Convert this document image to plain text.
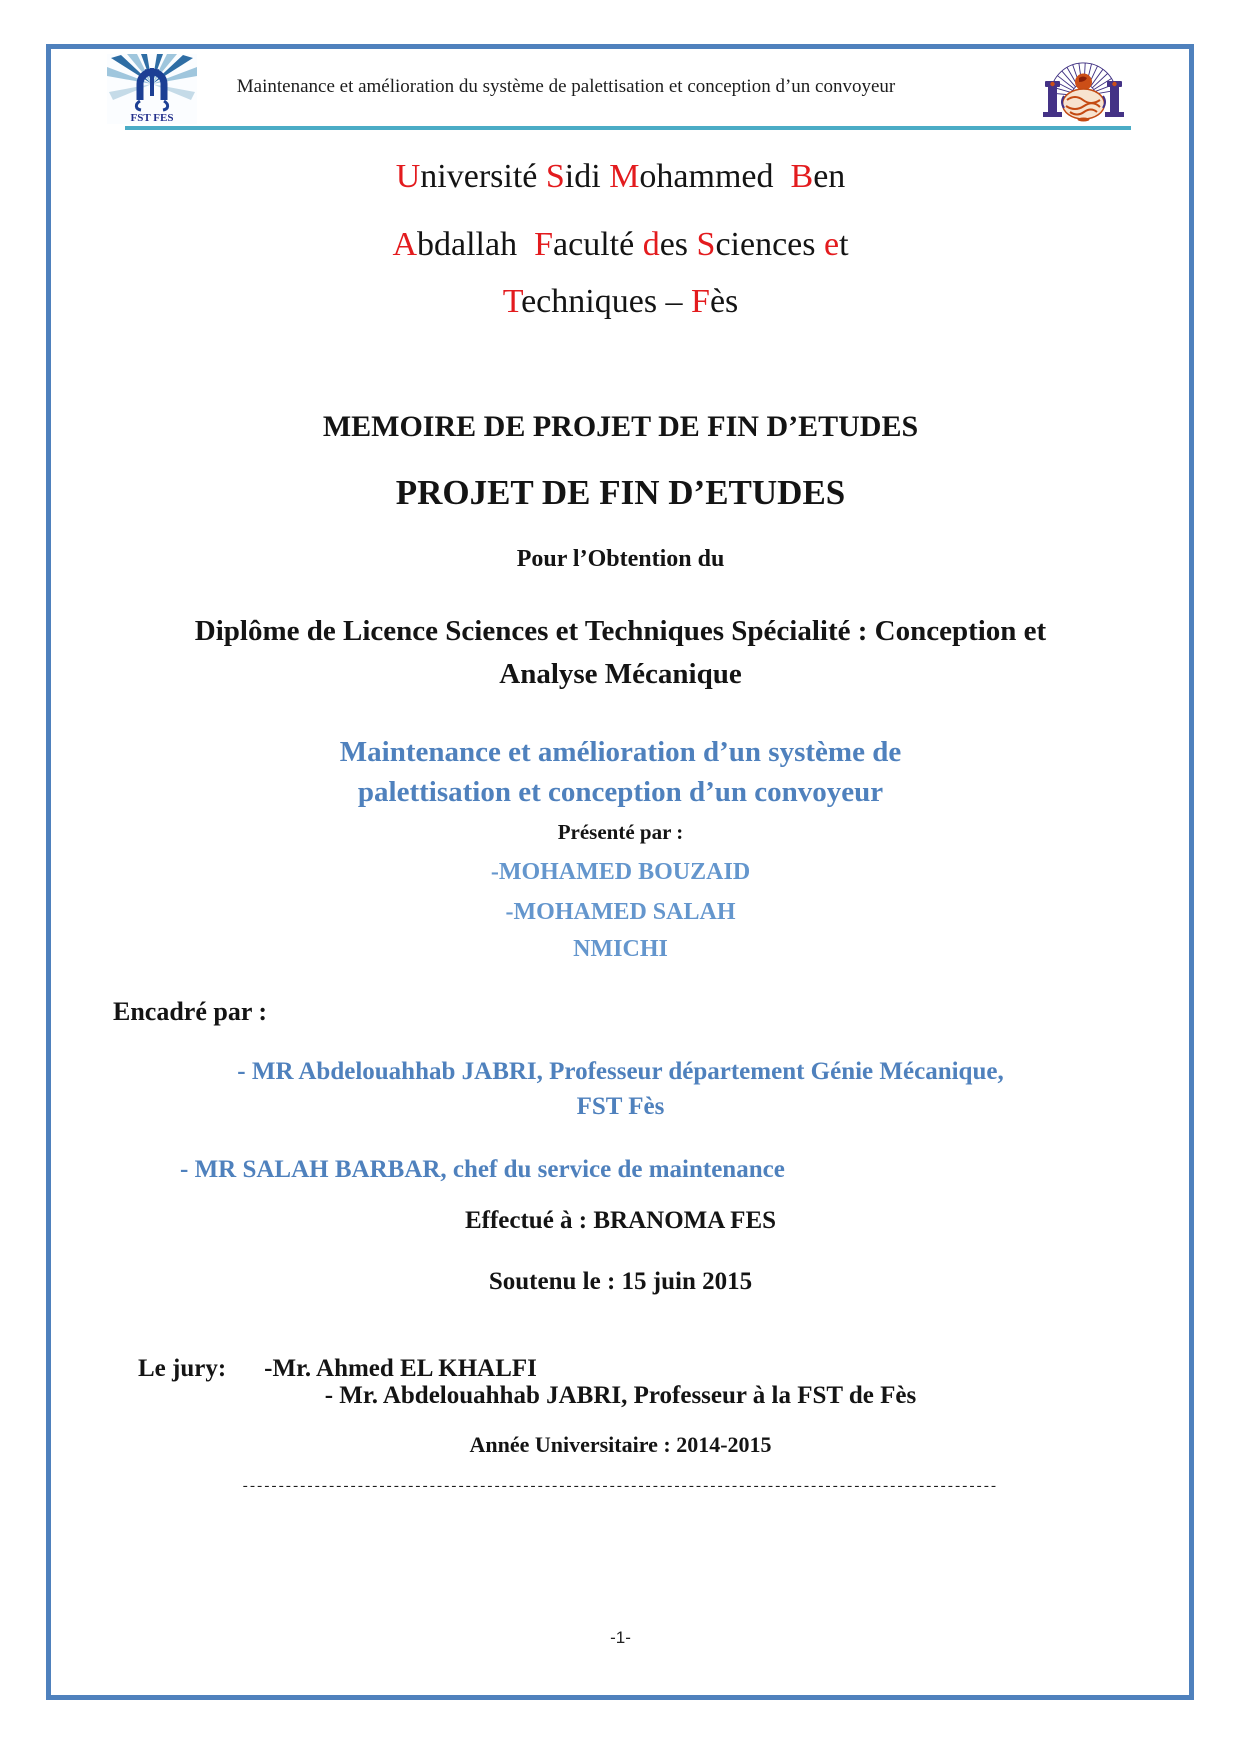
FST FES
Maintenance et amélioration du système de palettisation et conception d’un convoyeur
Université Sidi Mohammed  Ben
Abdallah  Faculté des Sciences et
Techniques – Fès
MEMOIRE DE PROJET DE FIN D’ETUDES
PROJET DE FIN D’ETUDES
Pour l’Obtention du
Diplôme de Licence Sciences et Techniques Spécialité : Conception et
Analyse Mécanique
Maintenance et amélioration d’un système de
palettisation et conception d’un convoyeur
Présenté par :
-MOHAMED BOUZAID
-MOHAMED SALAH
NMICHI
Encadré par :
- MR Abdelouahhab JABRI, Professeur département Génie Mécanique,
FST Fès
- MR SALAH BARBAR, chef du service de maintenance
Effectué à : BRANOMA FES
Soutenu le : 15 juin 2015

Le jury: -Mr. Ahmed EL KHALFI

- Mr. Abdelouahhab JABRI, Professeur à la FST de Fès
Année Universitaire : 2014-2015
---------------------------------------------------------------------------------------------------------
-1-
